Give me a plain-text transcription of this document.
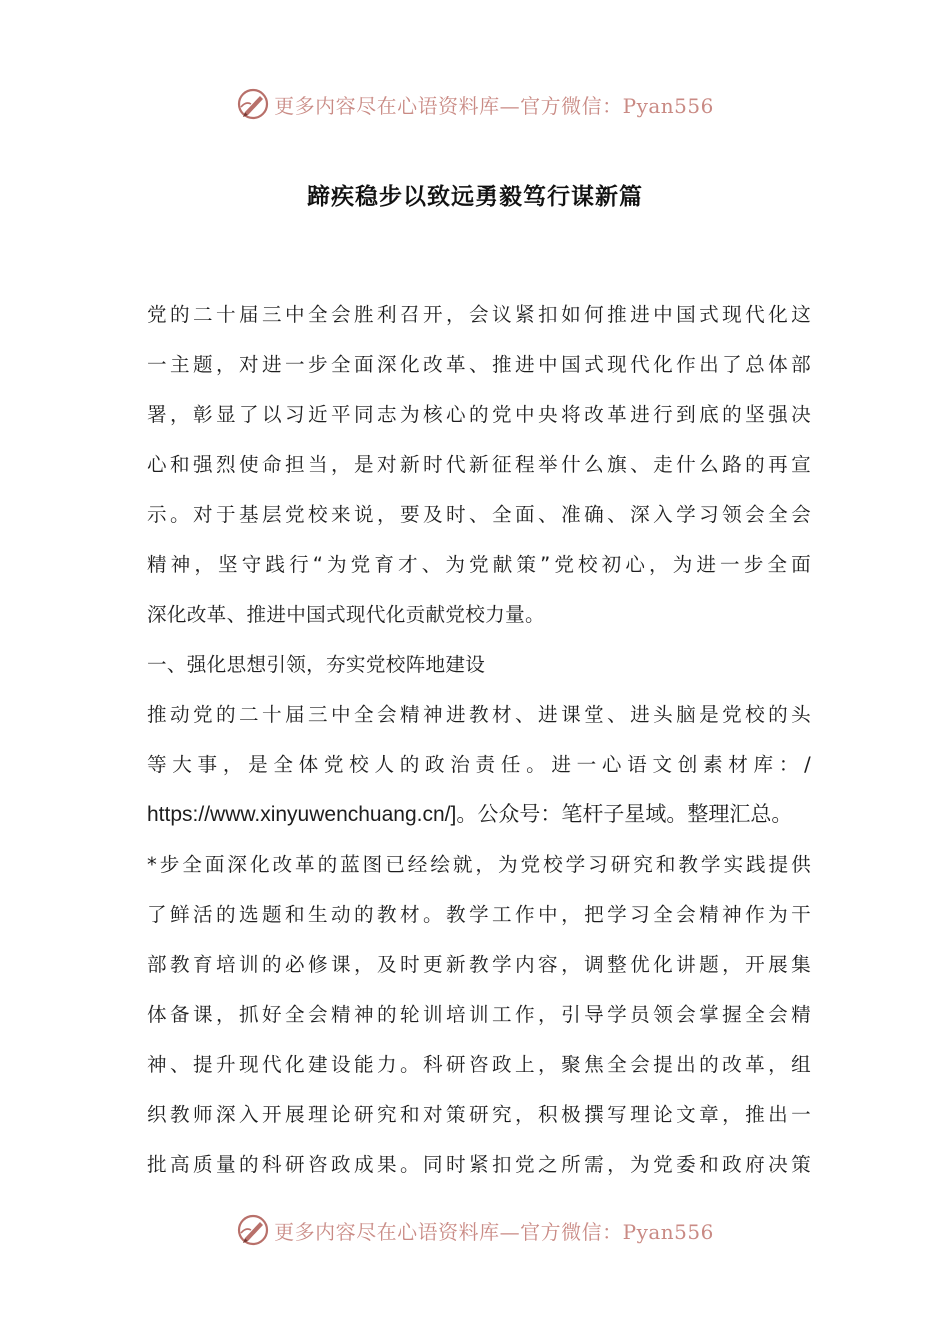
更多内容尽在心语资料库—官方微信：Pyan556
蹄疾稳步以致远勇毅笃行谋新篇
党的二十届三中全会胜利召开，会议紧扣如何推进中国式现代化这
一主题，对进一步全面深化改革、推进中国式现代化作出了总体部
署，彰显了以习近平同志为核心的党中央将改革进行到底的坚强决
心和强烈使命担当，是对新时代新征程举什么旗、走什么路的再宣
示。对于基层党校来说，要及时、全面、准确、深入学习领会全会
精神，坚守践行“为党育才、为党献策”党校初心，为进一步全面
深化改革、推进中国式现代化贡献党校力量。
一、强化思想引领，夯实党校阵地建设
推动党的二十届三中全会精神进教材、进课堂、进头脑是党校的头
等大事，是全体党校人的政治责任。进一心语文创素材库：/
https://www.xinyuwenchuang.cn/]。公众号：笔杆子星域。整理汇总。
*步全面深化改革的蓝图已经绘就，为党校学习研究和教学实践提供
了鲜活的选题和生动的教材。教学工作中，把学习全会精神作为干
部教育培训的必修课，及时更新教学内容，调整优化讲题，开展集
体备课，抓好全会精神的轮训培训工作，引导学员领会掌握全会精
神、提升现代化建设能力。科研咨政上，聚焦全会提出的改革，组
织教师深入开展理论研究和对策研究，积极撰写理论文章，推出一
批高质量的科研咨政成果。同时紧扣党之所需，为党委和政府决策
更多内容尽在心语资料库—官方微信：Pyan556
